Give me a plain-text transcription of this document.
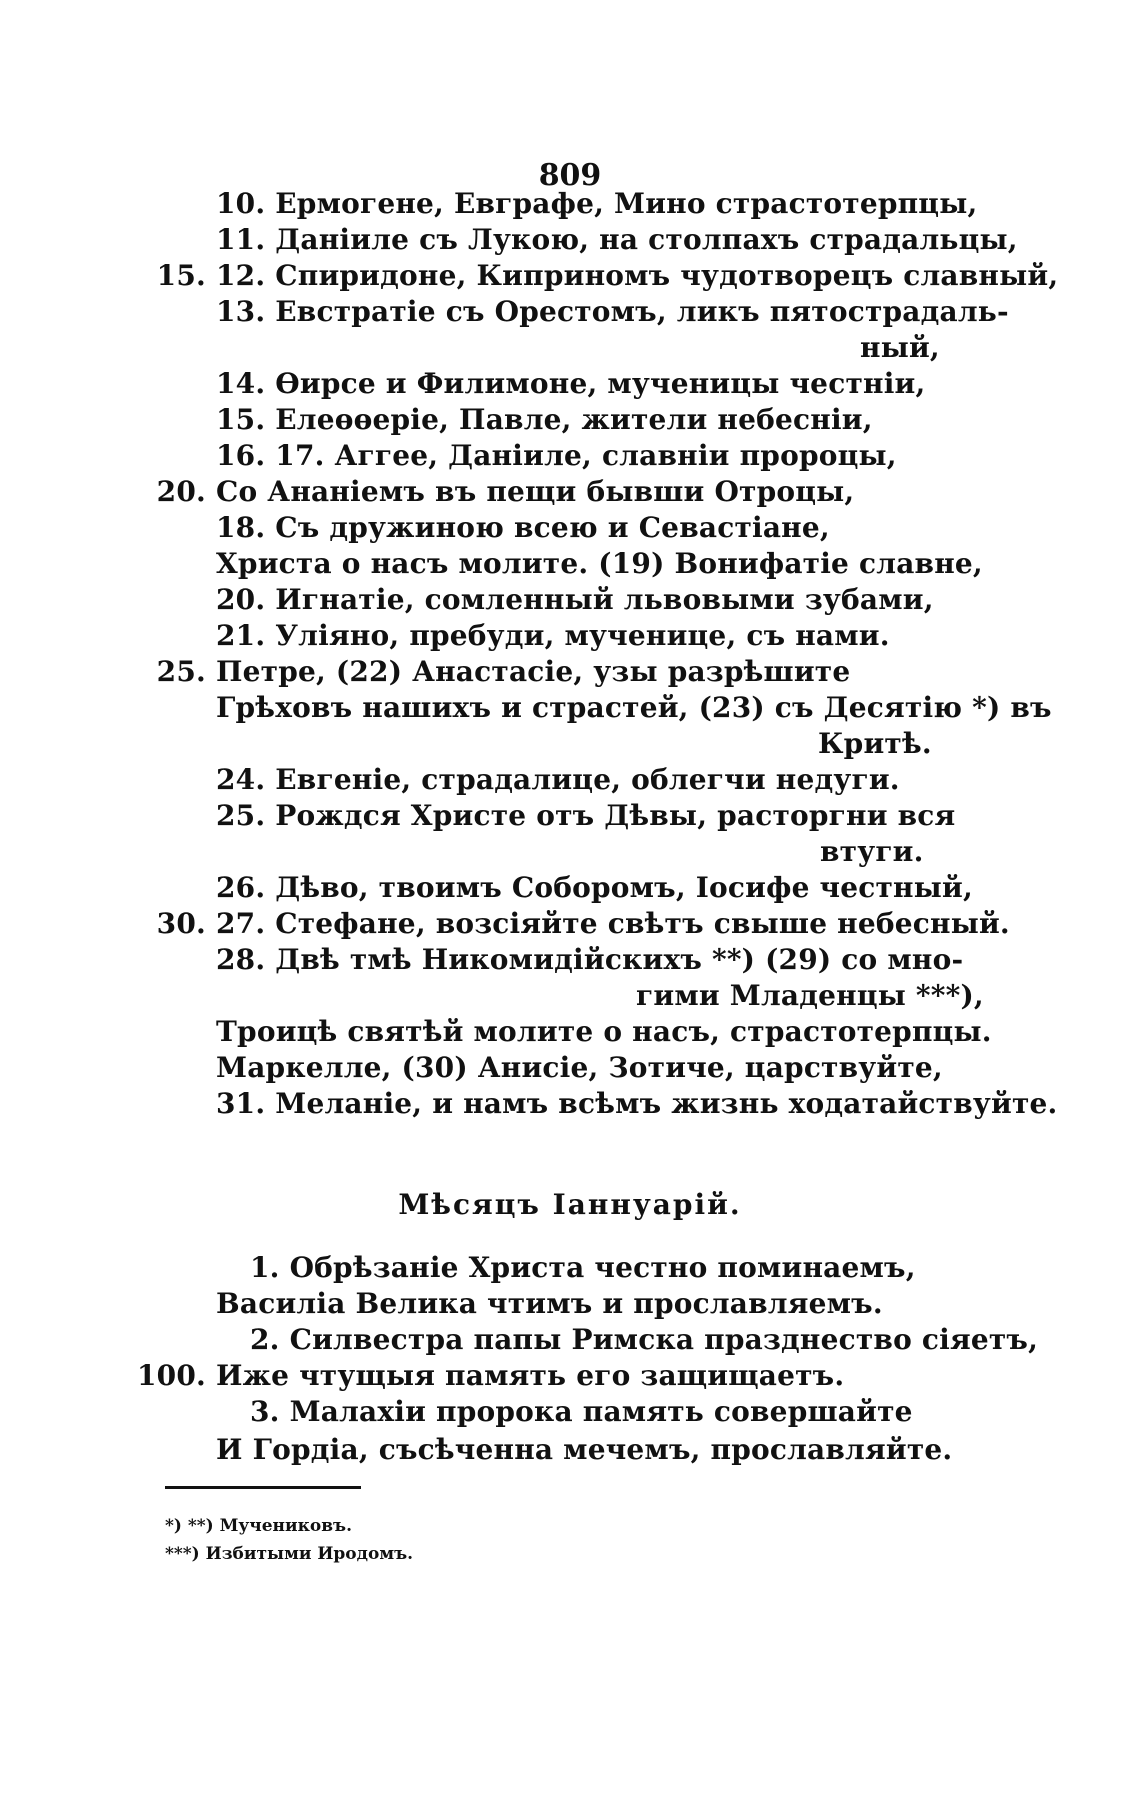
809
10. Ермогене, Евграфе, Мино страстотерпцы,
11. Даніиле съ Лукою, на столпахъ страдальцы,
15. 12. Спиридоне, Киприномъ чудотворецъ славный,
13. Евстратіе съ Орестомъ, ликъ пятострадаль-
ный,
14. Өирсе и Филимоне, мученицы честніи,
15. Елеөөеріе, Павле, жители небесніи,
16. 17. Аггее, Даніиле, славніи пророцы,
20. Со Ананіемъ въ пещи бывши Отроцы,
18. Съ дружиною всею и Севастіане,
Христа о насъ молите. (19) Вонифатіе славне,
20. Игнатіе, сомленный львовыми зубами,
21. Уліяно, пребуди, мученице, съ нами.
25. Петре, (22) Анастасіе, узы разрѣшите
Грѣховъ нашихъ и страстей, (23) съ Десятію *) въ
Критѣ.
24. Евгеніе, страдалице, облегчи недуги.
25. Рождся Христе отъ Дѣвы, расторгни вся
втуги.
26. Дѣво, твоимъ Соборомъ, Іосифе честный,
30. 27. Стефане, возсіяйте свѣтъ свыше небесный.
28. Двѣ тмѣ Никомидійскихъ **) (29) со мно-
гими Младенцы ***),
Троицѣ святѣй молите о насъ, страстотерпцы.
Маркелле, (30) Анисіе, Зотиче, царствуйте,
31. Меланіе, и намъ всѣмъ жизнь ходатайствуйте.
Мѣсяцъ Іаннуарій.
1. Обрѣзаніе Христа честно поминаемъ,
Василіа Велика чтимъ и прославляемъ.
2. Силвестра папы Римска празднество сіяетъ,
100. Иже чтущыя память его защищаетъ.
3. Малахіи пророка память совершайте
И Гордіа, съсѣченна мечемъ, прославляйте.
*) **) Мучениковъ.
***) Избитыми Иродомъ.
